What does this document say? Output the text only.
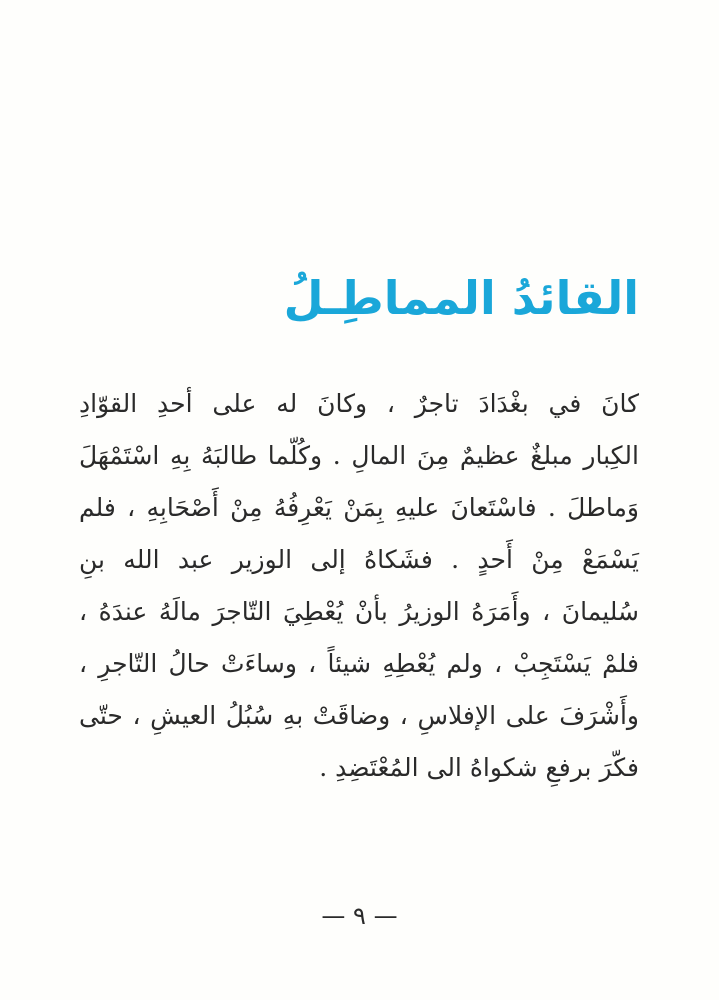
القائدُ المماطِـلُ
كانَ في بغْدَادَ تاجرٌ ، وكانَ له على أحدِ القوّادِ
الكِبار مبلغٌ عظيمٌ مِنَ المالِ . وكُلّما طالبَهُ بِهِ اسْتَمْهَلَ
وَماطلَ . فاسْتَعانَ عليهِ بِمَنْ يَعْرِفُهُ مِنْ أَصْحَابِهِ ، فلم
يَسْمَعْ مِنْ أَحدٍ . فشَكاهُ إلى الوزير عبد الله بنِ
سُليمانَ ، وأَمَرَهُ الوزيرُ بأنْ يُعْطِيَ التّاجرَ مالَهُ عندَهُ ،
فلمْ يَسْتَجِبْ ، ولم يُعْطِهِ شيئاً ، وساءَتْ حالُ التّاجرِ ،
وأَشْرَفَ على الإفلاسِ ، وضاقَتْ بهِ سُبُلُ العيشِ ، حتّى
فكّرَ برفعِ شكواهُ الى المُعْتَضِدِ .
— ٩ —
